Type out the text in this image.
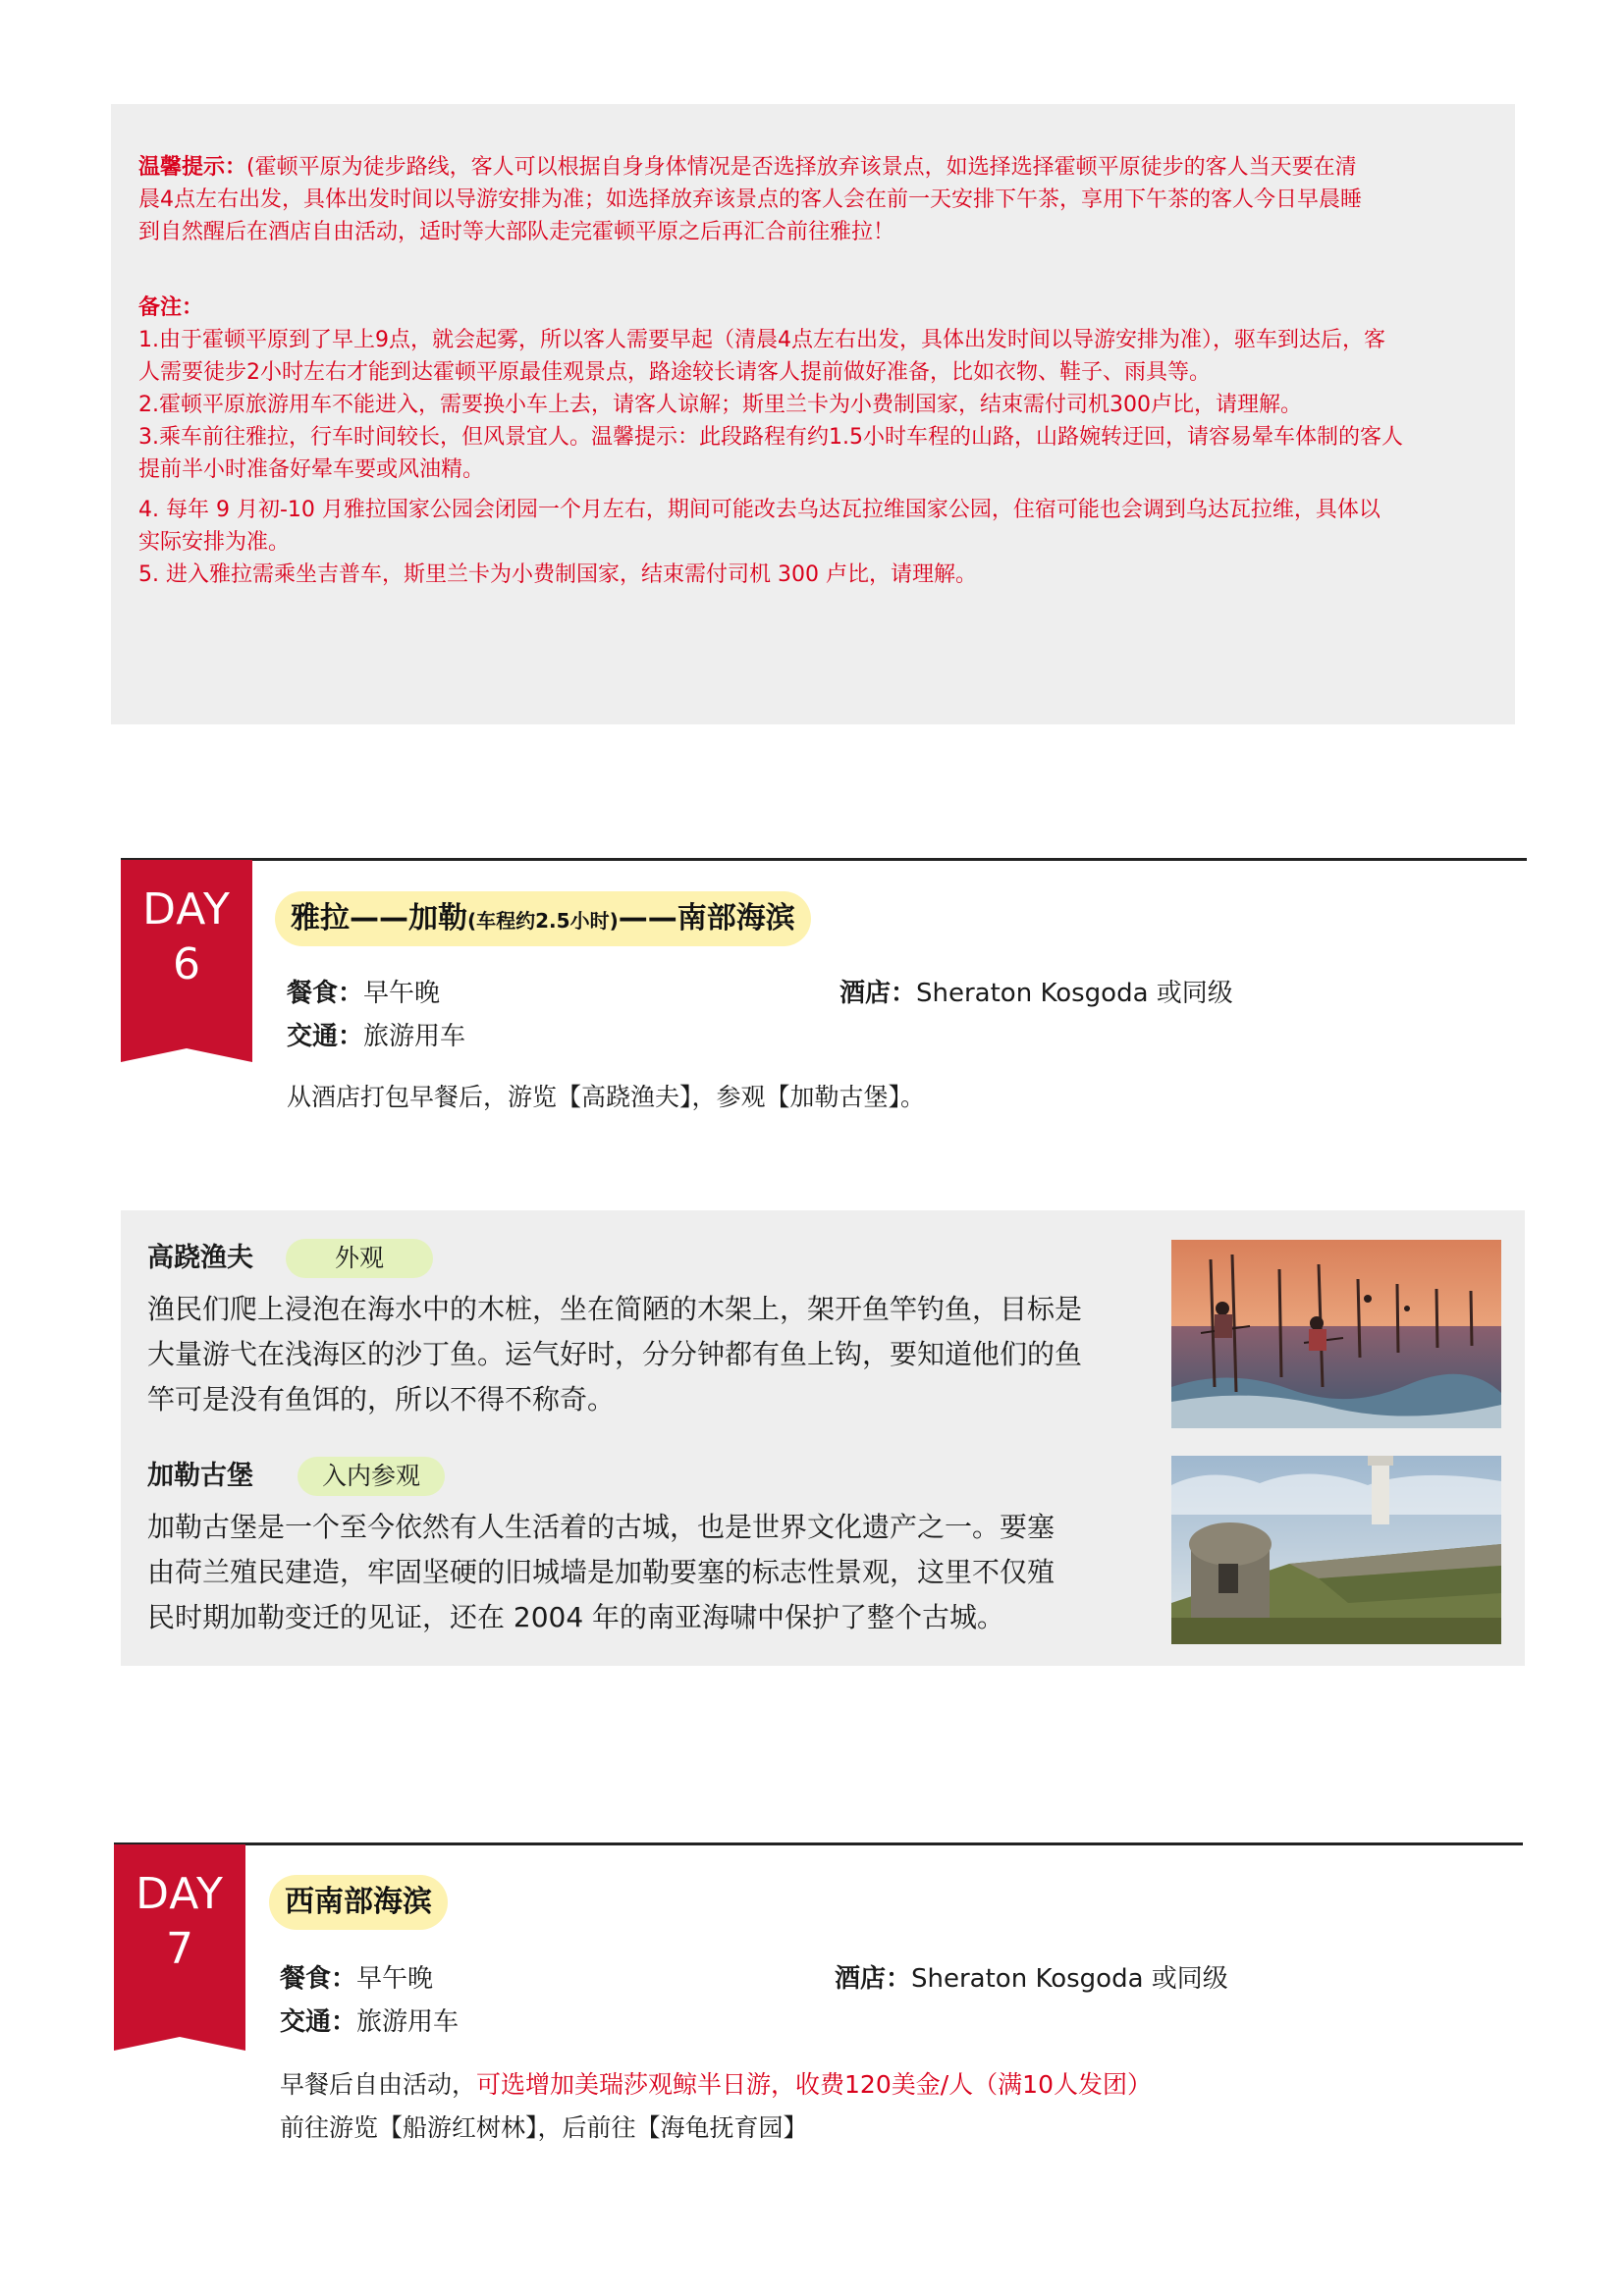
温馨提示：(霍顿平原为徒步路线，客人可以根据自身身体情况是否选择放弃该景点，如选择选择霍顿平原徒步的客人当天要在清
晨4点左右出发，具体出发时间以导游安排为准；如选择放弃该景点的客人会在前一天安排下午茶，享用下午茶的客人今日早晨睡
到自然醒后在酒店自由活动，适时等大部队走完霍顿平原之后再汇合前往雅拉！

备注：

1.由于霍顿平原到了早上9点，就会起雾，所以客人需要早起（清晨4点左右出发，具体出发时间以导游安排为准），驱车到达后，客

人需要徒步2小时左右才能到达霍顿平原最佳观景点，路途较长请客人提前做好准备，比如衣物、鞋子、雨具等。

2.霍顿平原旅游用车不能进入，需要换小车上去，请客人谅解；斯里兰卡为小费制国家，结束需付司机300卢比，请理解。

3.乘车前往雅拉，行车时间较长，但风景宜人。温馨提示：此段路程有约1.5小时车程的山路，山路婉转迂回，请容易晕车体制的客人

提前半小时准备好晕车要或风油精。

4. 每年 9 月初-10 月雅拉国家公园会闭园一个月左右，期间可能改去乌达瓦拉维国家公园，住宿可能也会调到乌达瓦拉维，具体以

实际安排为准。

5. 进入雅拉需乘坐吉普车，斯里兰卡为小费制国家，结束需付司机 300 卢比，请理解。

DAY
6
雅拉——加勒(车程约2.5小时)——南部海滨
餐食：早午晚	酒店：Sheraton Kosgoda 或同级
交通：旅游用车
从酒店打包早餐后，游览【高跷渔夫】，参观【加勒古堡】。
高跷渔夫	外观
渔民们爬上浸泡在海水中的木桩，坐在简陋的木架上，架开鱼竿钓鱼，目标是
大量游弋在浅海区的沙丁鱼。运气好时，分分钟都有鱼上钩，要知道他们的鱼
竿可是没有鱼饵的，所以不得不称奇。
加勒古堡	入内参观
加勒古堡是一个至今依然有人生活着的古城，也是世界文化遗产之一。要塞
由荷兰殖民建造，牢固坚硬的旧城墙是加勒要塞的标志性景观，这里不仅殖
民时期加勒变迁的见证，还在 2004 年的南亚海啸中保护了整个古城。
DAY
7
西南部海滨
餐食：早午晚	酒店：Sheraton Kosgoda 或同级
交通：旅游用车
早餐后自由活动，可选增加美瑞莎观鲸半日游，收费120美金/人（满10人发团）
前往游览【船游红树林】，后前往【海龟抚育园】
